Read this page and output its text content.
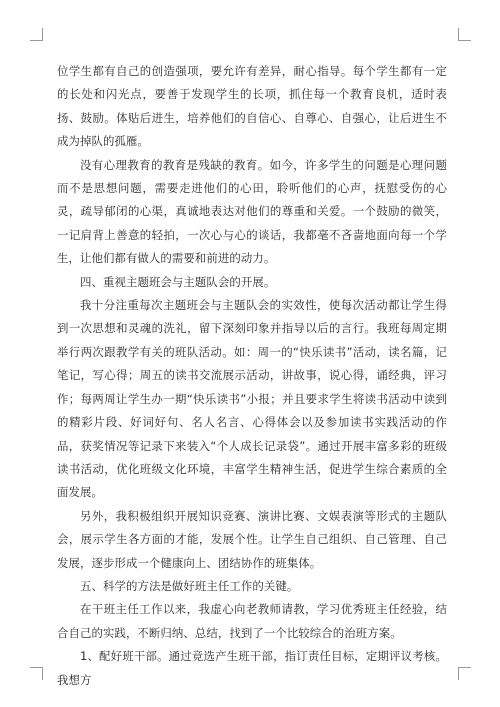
位学生都有自己的创造强项，要允许有差异，耐心指导。每个学生都有一定的长处和闪光点，要善于发现学生的长项，抓住每一个教育良机，适时表扬、鼓励。体贴后进生，培养他们的自信心、自尊心、自强心，让后进生不成为掉队的孤雁。

没有心理教育的教育是残缺的教育。如今，许多学生的问题是心理问题而不是思想问题，需要走进他们的心田，聆听他们的心声，抚慰受伤的心灵，疏导郁闭的心渠，真诚地表达对他们的尊重和关爱。一个鼓励的微笑，一记肩背上善意的轻拍，一次心与心的谈话，我都毫不吝啬地面向每一个学生，让他们都有做人的需要和前进的动力。

四、重视主题班会与主题队会的开展。

我十分注重每次主题班会与主题队会的实效性，使每次活动都让学生得到一次思想和灵魂的洗礼，留下深刻印象并指导以后的言行。我班每周定期举行两次跟教学有关的班队活动。如：周一的“快乐读书”活动，读名篇，记笔记，写心得；周五的读书交流展示活动，讲故事，说心得，诵经典，评习作；每两周让学生办一期“快乐读书”小报；并且要求学生将读书活动中读到的精彩片段、好词好句、名人名言、心得体会以及参加读书实践活动的作品，获奖情况等记录下来装入“个人成长记录袋”。通过开展丰富多彩的班级读书活动，优化班级文化环境，丰富学生精神生活，促进学生综合素质的全面发展。

另外，我积极组织开展知识竞赛、演讲比赛、文娱表演等形式的主题队会，展示学生各方面的才能，发展个性。让学生自己组织、自己管理、自己发展，逐步形成一个健康向上、团结协作的班集体。

五、科学的方法是做好班主任工作的关键。

在干班主任工作以来，我虚心向老教师请教，学习优秀班主任经验，结合自己的实践，不断归纳、总结，找到了一个比较综合的治班方案。

1、配好班干部。通过竞选产生班干部，指订责任目标，定期评议考核。我想方
